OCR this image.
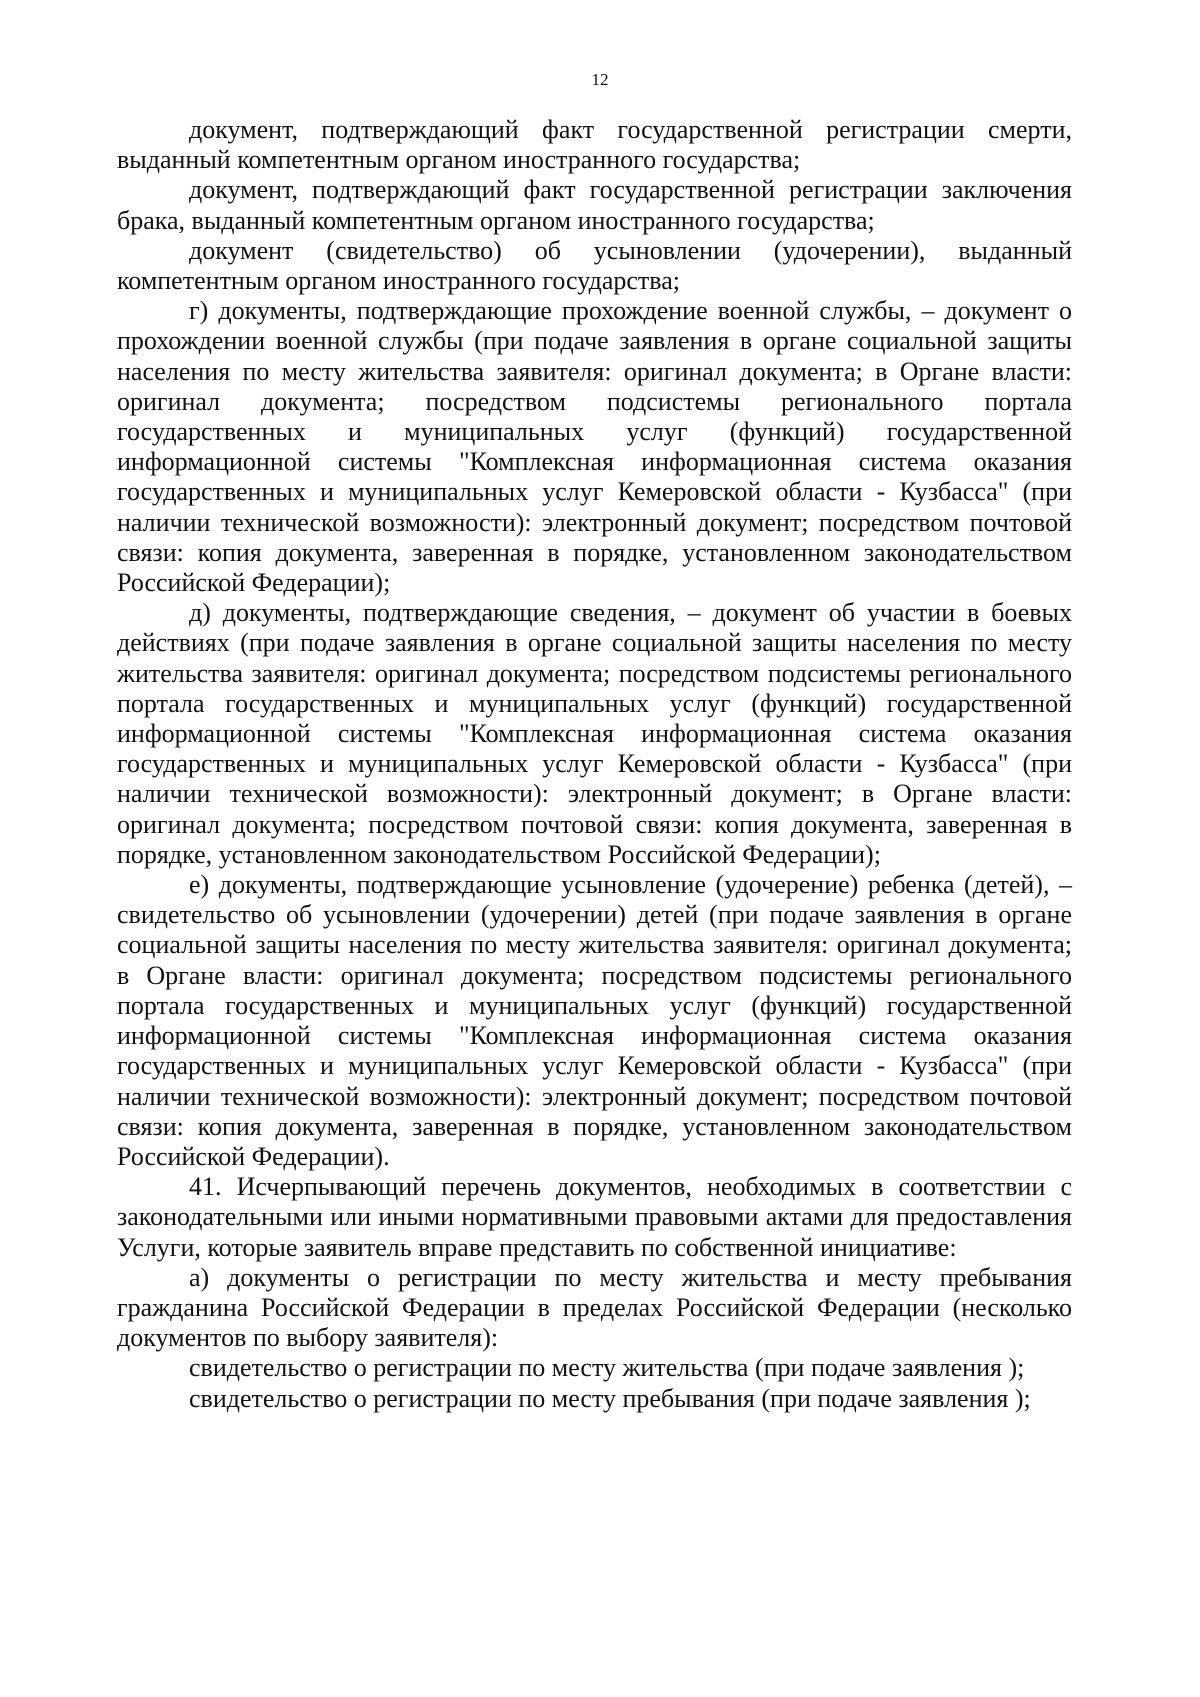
12

документ, подтверждающий факт государственной регистрации смерти, выданный компетентным органом иностранного государства;

документ, подтверждающий факт государственной регистрации заключения брака, выданный компетентным органом иностранного государства;

документ (свидетельство) об усыновлении (удочерении), выданный компетентным органом иностранного государства;

г) документы, подтверждающие прохождение военной службы, – документ о прохождении военной службы (при подаче заявления в органе социальной защиты населения по месту жительства заявителя: оригинал документа; в Органе власти: оригинал документа; посредством подсистемы регионального портала государственных и муниципальных услуг (функций) государственной информационной системы "Комплексная информационная система оказания государственных и муниципальных услуг Кемеровской области - Кузбасса" (при наличии технической возможности): электронный документ; посредством почтовой связи: копия документа, заверенная в порядке, установленном законодательством Российской Федерации);

д) документы, подтверждающие сведения, – документ об участии в боевых действиях (при подаче заявления в органе социальной защиты населения по месту жительства заявителя: оригинал документа; посредством подсистемы регионального портала государственных и муниципальных услуг (функций) государственной информационной системы "Комплексная информационная система оказания государственных и муниципальных услуг Кемеровской области - Кузбасса" (при наличии технической возможности): электронный документ; в Органе власти: оригинал документа; посредством почтовой связи: копия документа, заверенная в порядке, установленном законодательством Российской Федерации);

е) документы, подтверждающие усыновление (удочерение) ребенка (детей), – свидетельство об усыновлении (удочерении) детей (при подаче заявления в органе социальной защиты населения по месту жительства заявителя: оригинал документа; в Органе власти: оригинал документа; посредством подсистемы регионального портала государственных и муниципальных услуг (функций) государственной информационной системы "Комплексная информационная система оказания государственных и муниципальных услуг Кемеровской области - Кузбасса" (при наличии технической возможности): электронный документ; посредством почтовой связи: копия документа, заверенная в порядке, установленном законодательством Российской Федерации).

41. Исчерпывающий перечень документов, необходимых в соответствии с законодательными или иными нормативными правовыми актами для предоставления Услуги, которые заявитель вправе представить по собственной инициативе:

а) документы о регистрации по месту жительства и месту пребывания гражданина Российской Федерации в пределах Российской Федерации (несколько документов по выбору заявителя):

свидетельство о регистрации по месту жительства (при подаче заявления );

свидетельство о регистрации по месту пребывания (при подаче заявления );
